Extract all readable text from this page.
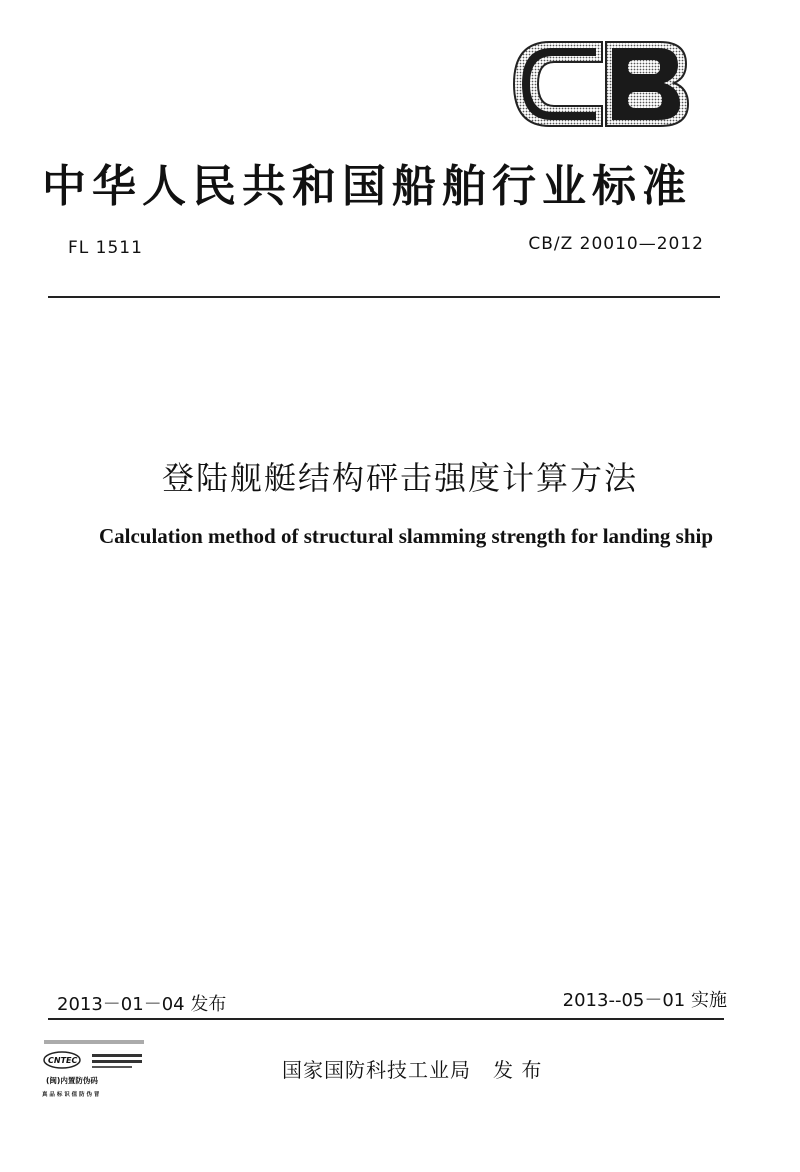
中华人民共和国船舶行业标准
FL 1511	CB/Z 20010—2012
登陆舰艇结构砰击强度计算方法
Calculation method of structural slamming strength for landing ship
2013－01－04 发布	2013--05－01 实施
CNTEC
(闽)内置防伪码
真 品 标 识 值 防 伪 冒
国家国防科技工业局 发 布
